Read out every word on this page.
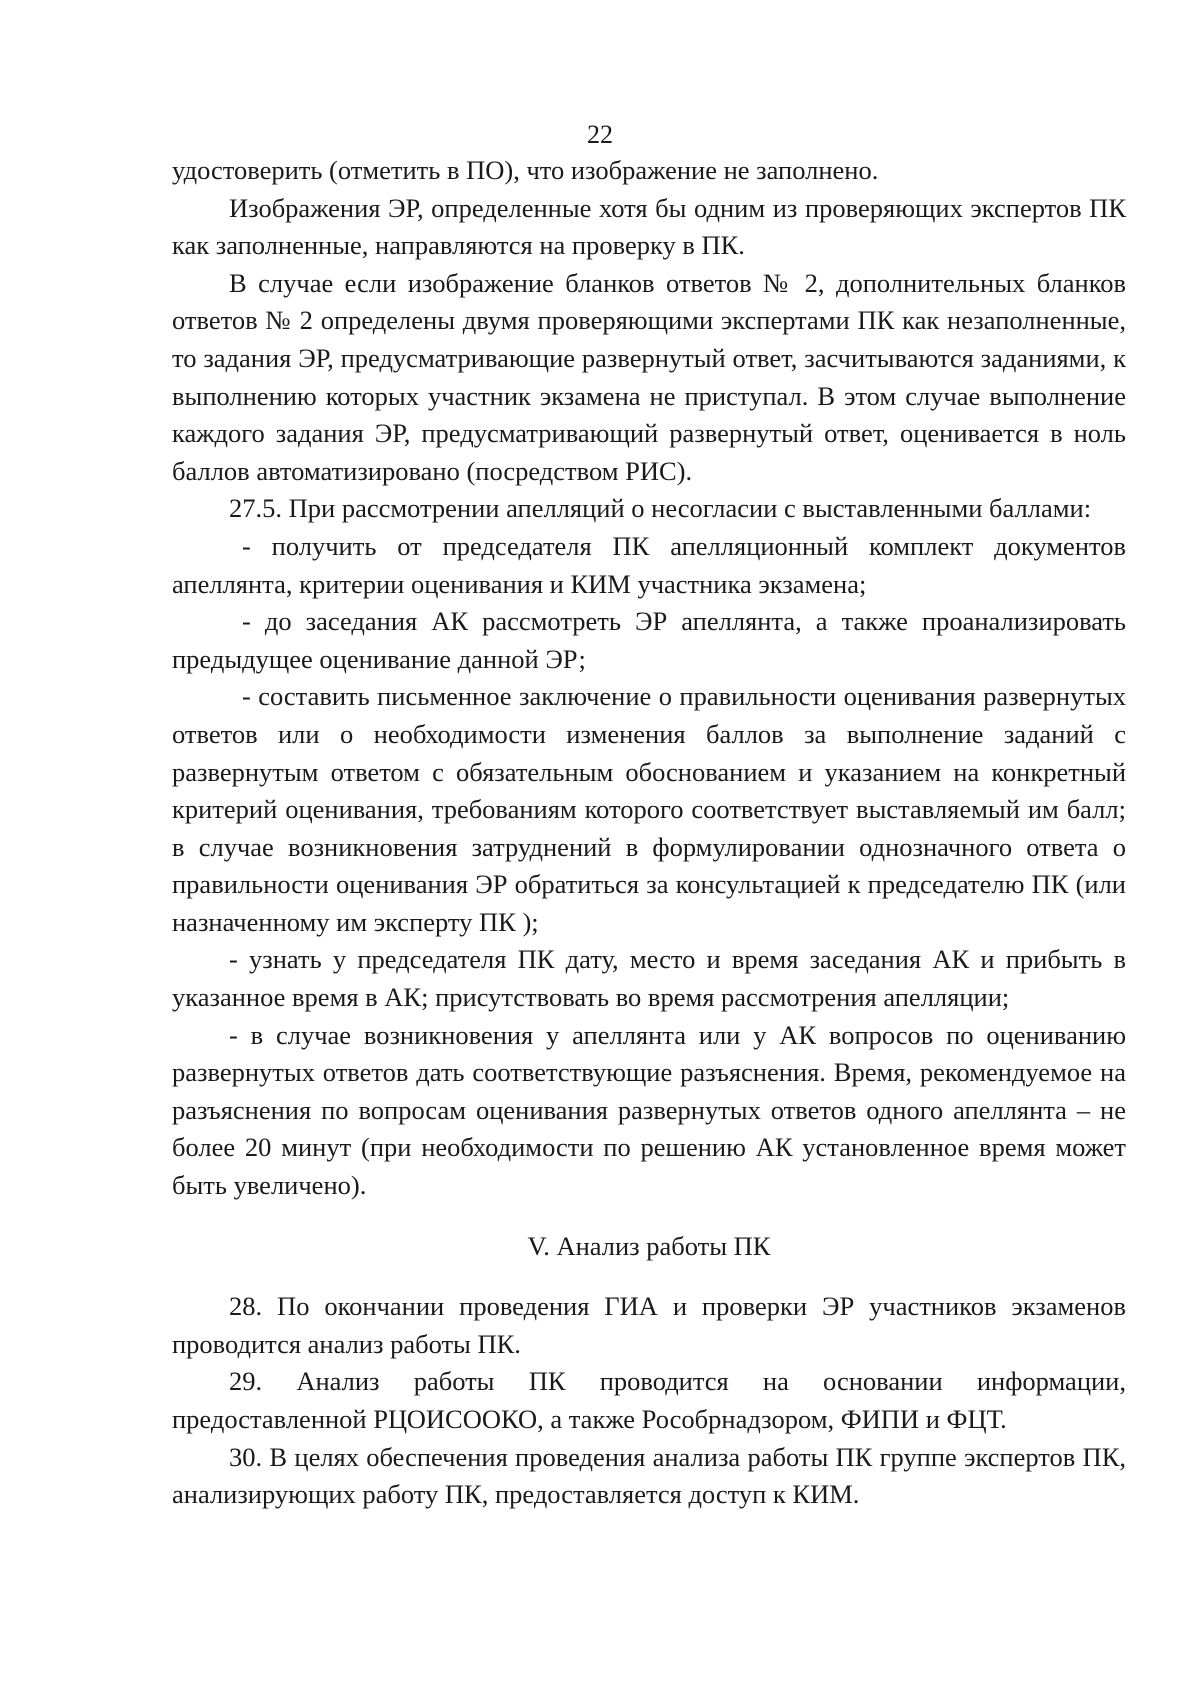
22

удостоверить (отметить в ПО), что изображение не заполнено.

Изображения ЭР, определенные хотя бы одним из проверяющих экспертов ПК как заполненные, направляются на проверку в ПК.

В случае если изображение бланков ответов № 2, дополнительных бланков ответов № 2 определены двумя проверяющими экспертами ПК как незаполненные, то задания ЭР, предусматривающие развернутый ответ, засчитываются заданиями, к выполнению которых участник экзамена не приступал. В этом случае выполнение каждого задания ЭР, предусматривающий развернутый ответ, оценивается в ноль баллов автоматизировано (посредством РИС).

27.5. При рассмотрении апелляций о несогласии с выставленными баллами:

- получить от председателя ПК апелляционный комплект документов апеллянта, критерии оценивания и КИМ участника экзамена;

- до заседания АК рассмотреть ЭР апеллянта, а также проанализировать предыдущее оценивание данной ЭР;

- составить письменное заключение о правильности оценивания развернутых ответов или о необходимости изменения баллов за выполнение заданий с развернутым ответом с обязательным обоснованием и указанием на конкретный критерий оценивания, требованиям которого соответствует выставляемый им балл; в случае возникновения затруднений в формулировании однозначного ответа о правильности оценивания ЭР обратиться за консультацией к председателю ПК (или назначенному им эксперту ПК );

- узнать у председателя ПК дату, место и время заседания АК и прибыть в указанное время в АК; присутствовать во время рассмотрения апелляции;

- в случае возникновения у апеллянта или у АК вопросов по оцениванию развернутых ответов дать соответствующие разъяснения. Время, рекомендуемое на разъяснения по вопросам оценивания развернутых ответов одного апеллянта – не более 20 минут (при необходимости по решению АК установленное время может быть увеличено).

V. Анализ работы ПК

28. По окончании проведения ГИА и проверки ЭР участников экзаменов проводится анализ работы ПК.

29. Анализ работы ПК проводится на основании информации, предоставленной РЦОИСООКО, а также Рособрнадзором, ФИПИ и ФЦТ.

30. В целях обеспечения проведения анализа работы ПК группе экспертов ПК, анализирующих работу ПК, предоставляется доступ к КИМ.
